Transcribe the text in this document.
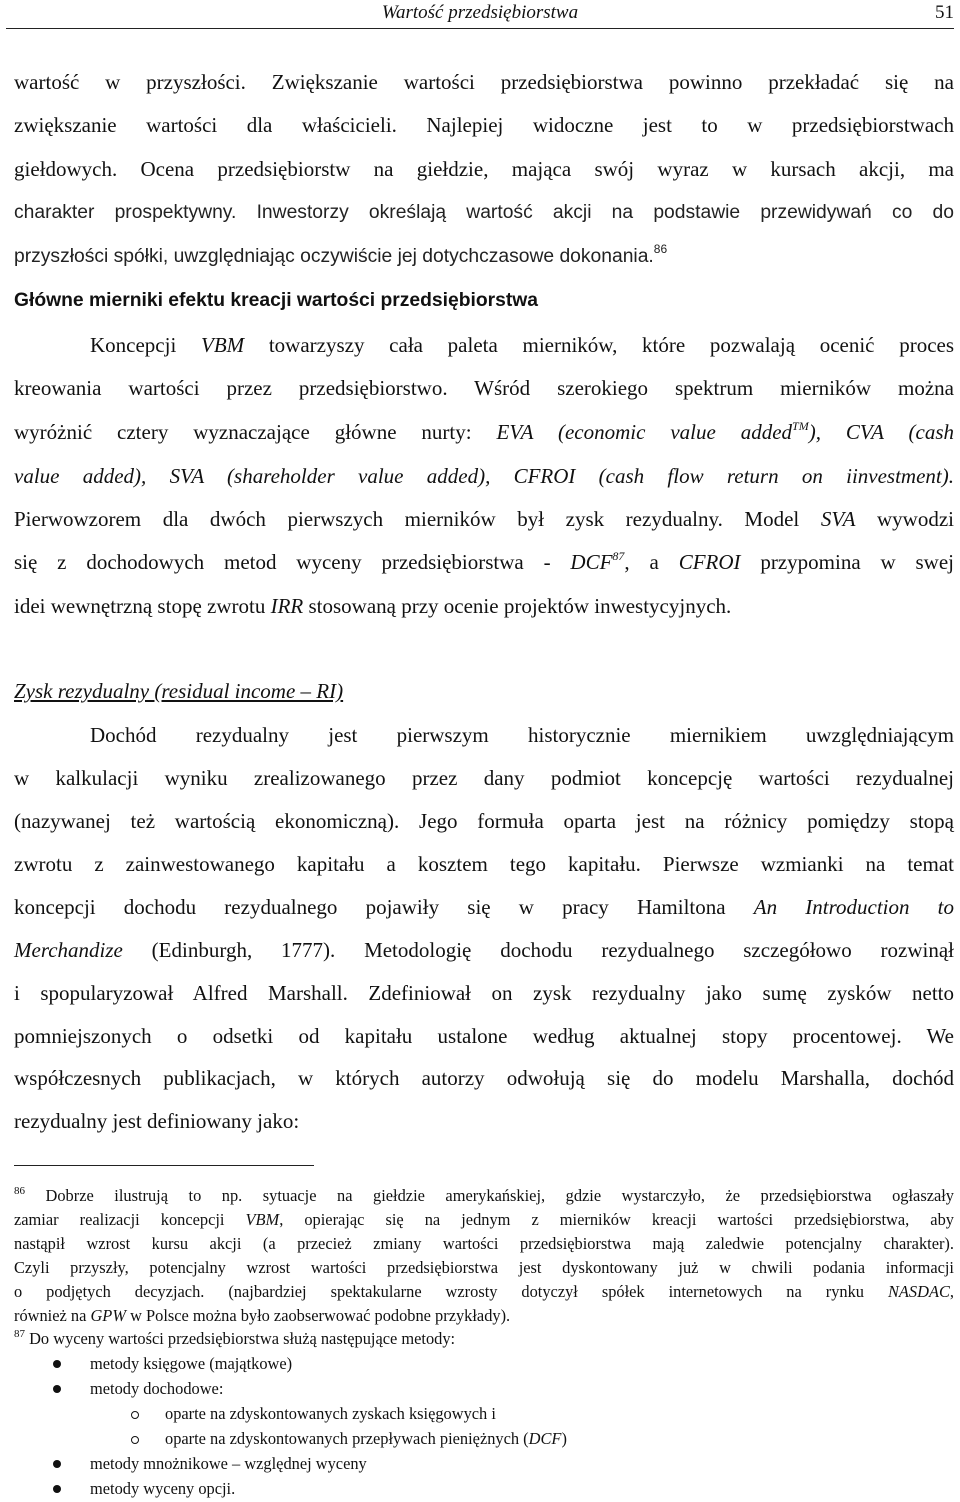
Wartość przedsiębiorstwa	51
wartość w przyszłości. Zwiększanie wartości przedsiębiorstwa powinno przekładać się na
zwiększanie wartości dla właścicieli. Najlepiej widoczne jest to w przedsiębiorstwach
giełdowych. Ocena przedsiębiorstw na giełdzie, mająca swój wyraz w kursach akcji, ma
charakter prospektywny. Inwestorzy określają wartość akcji na podstawie przewidywań co do
przyszłości spółki, uwzględniając oczywiście jej dotychczasowe dokonania.$^{86}$
Główne mierniki efektu kreacji wartości przedsiębiorstwa
Koncepcji VBM towarzyszy cała paleta mierników, które pozwalają ocenić proces
kreowania wartości przez przedsiębiorstwo. Wśród szerokiego spektrum mierników można
wyróżnić cztery wyznaczające główne nurty: EVA (economic value added™), CVA (cash
value added), SVA (shareholder value added), CFROI (cash flow return on iinvestment).
Pierwowzorem dla dwóch pierwszych mierników był zysk rezydualny. Model SVA wywodzi
się z dochodowych metod wyceny przedsiębiorstwa - DCF$^{87}$, a CFROI przypomina w swej
idei wewnętrzną stopę zwrotu IRR stosowaną przy ocenie projektów inwestycyjnych.
Zysk rezydualny (residual income – RI)
Dochód rezydualny jest pierwszym historycznie miernikiem uwzględniającym
w kalkulacji wyniku zrealizowanego przez dany podmiot koncepcję wartości rezydualnej
(nazywanej też wartością ekonomiczną). Jego formuła oparta jest na różnicy pomiędzy stopą
zwrotu z zainwestowanego kapitału a kosztem tego kapitału. Pierwsze wzmianki na temat
koncepcji dochodu rezydualnego pojawiły się w pracy Hamiltona An Introduction to
Merchandize (Edinburgh, 1777). Metodologię dochodu rezydualnego szczegółowo rozwinął
i spopularyzował Alfred Marshall. Zdefiniował on zysk rezydualny jako sumę zysków netto
pomniejszonych o odsetki od kapitału ustalone według aktualnej stopy procentowej. We
współczesnych publikacjach, w których autorzy odwołują się do modelu Marshalla, dochód
rezydualny jest definiowany jako:
$^{86}$ Dobrze ilustrują to np. sytuacje na giełdzie amerykańskiej, gdzie wystarczyło, że przedsiębiorstwa ogłaszały
zamiar realizacji koncepcji VBM, opierając się na jednym z mierników kreacji wartości przedsiębiorstwa, aby
nastąpił wzrost kursu akcji (a przecież zmiany wartości przedsiębiorstwa mają zaledwie potencjalny charakter).
Czyli przyszły, potencjalny wzrost wartości przedsiębiorstwa jest dyskontowany już w chwili podania informacji
o podjętych decyzjach. (najbardziej spektakularne wzrosty dotyczył spółek internetowych na rynku NASDAC,
również na GPW w Polsce można było zaobserwować podobne przykłady).
$^{87}$ Do wyceny wartości przedsiębiorstwa służą następujące metody:
metody księgowe (majątkowe)
metody dochodowe:
oparte na zdyskontowanych zyskach księgowych i
oparte na zdyskontowanych przepływach pieniężnych (DCF)
metody mnożnikowe – względnej wyceny
metody wyceny opcji.
